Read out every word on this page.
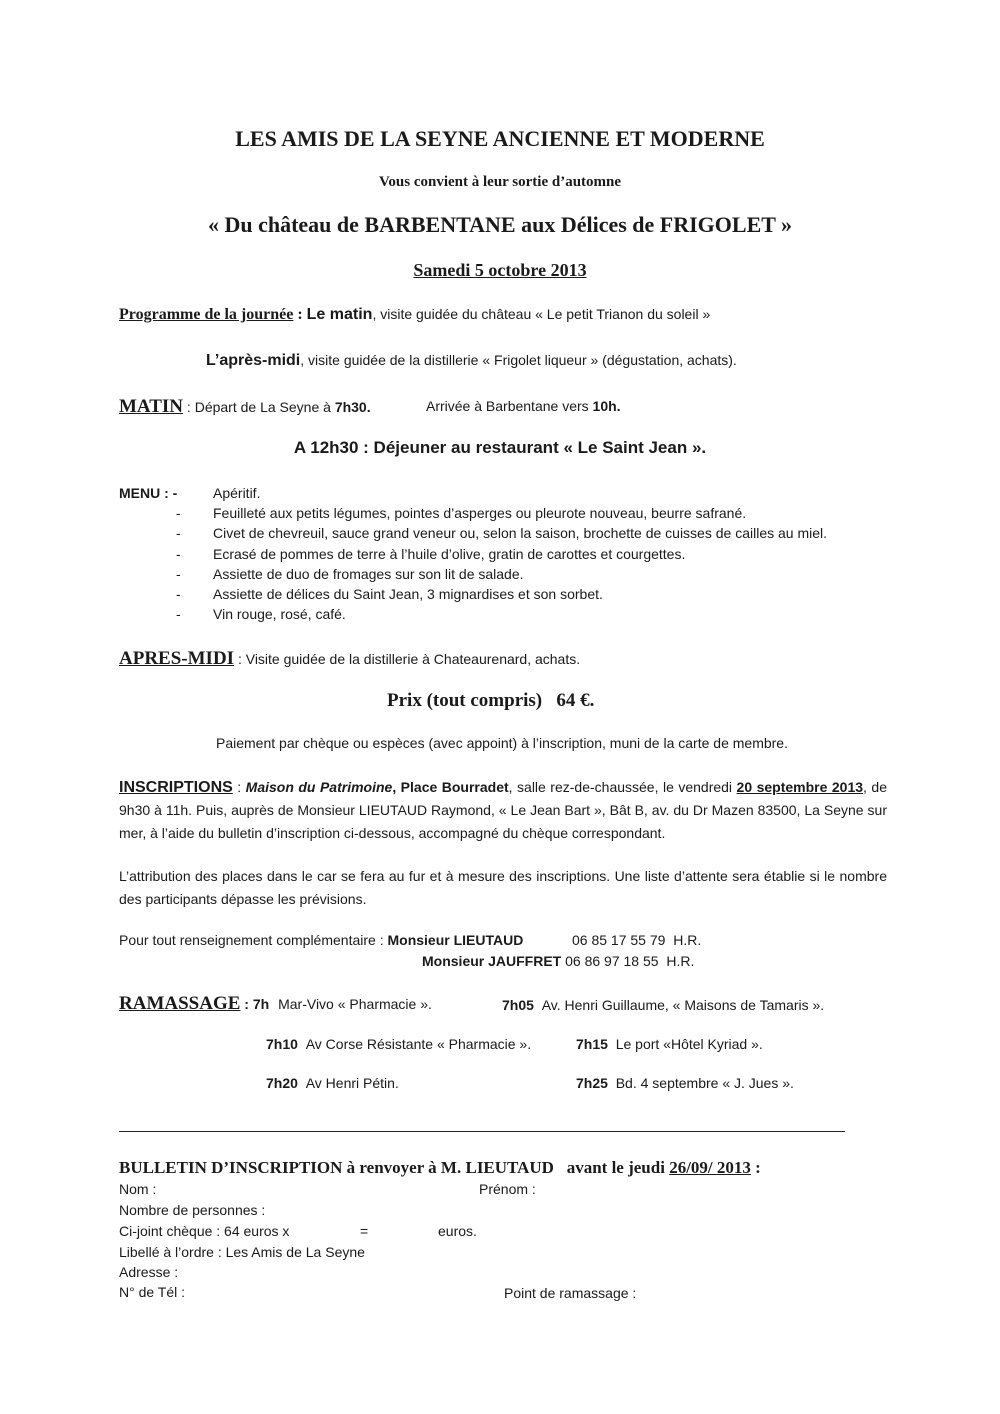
LES AMIS DE LA SEYNE ANCIENNE ET MODERNE
Vous convient à leur sortie d’automne
« Du château de BARBENTANE aux Délices de FRIGOLET »
Samedi 5 octobre 2013
Programme de la journée : Le matin, visite guidée du château « Le petit Trianon du soleil »
L’après-midi, visite guidée de la distillerie « Frigolet liqueur » (dégustation, achats).
MATIN : Départ de La Seyne à 7h30.	Arrivée à Barbentane vers 10h.
A 12h30 : Déjeuner au restaurant « Le Saint Jean ».
MENU : -	Apéritif.
- Feuilleté aux petits légumes, pointes d’asperges ou pleurote nouveau, beurre safrané.
- Civet de chevreuil, sauce grand veneur ou, selon la saison, brochette de cuisses de cailles au miel.
- Ecrasé de pommes de terre à l’huile d’olive, gratin de carottes et courgettes.
- Assiette de duo de fromages sur son lit de salade.
- Assiette de délices du Saint Jean, 3 mignardises et son sorbet.
- Vin rouge, rosé, café.
APRES-MIDI : Visite guidée de la distillerie à Chateaurenard, achats.
Prix (tout compris) 64 €.
Paiement par chèque ou espèces (avec appoint) à l’inscription, muni de la carte de membre.
INSCRIPTIONS : Maison du Patrimoine, Place Bourradet, salle rez-de-chaussée, le vendredi 20 septembre 2013, de 9h30 à 11h. Puis, auprès de Monsieur LIEUTAUD Raymond, « Le Jean Bart », Bât B, av. du Dr Mazen 83500, La Seyne sur mer, à l’aide du bulletin d’inscription ci-dessous, accompagné du chèque correspondant.
L’attribution des places dans le car se fera au fur et à mesure des inscriptions. Une liste d’attente sera établie si le nombre des participants dépasse les prévisions.
Pour tout renseignement complémentaire : Monsieur LIEUTAUD	06 85 17 55 79 H.R.
Monsieur JAUFFRET 06 86 97 18 55 H.R.
RAMASSAGE : 7h Mar-Vivo « Pharmacie ».	7h05 Av. Henri Guillaume, « Maisons de Tamaris ».
7h10 Av Corse Résistante « Pharmacie ».	7h15 Le port «Hôtel Kyriad ».
7h20 Av Henri Pétin.	7h25 Bd. 4 septembre « J. Jues ».
BULLETIN D’INSCRIPTION à renvoyer à M. LIEUTAUD avant le jeudi 26/09/ 2013 :
Nom :	Prénom :
Nombre de personnes :
Ci-joint chèque : 64 euros x	=	euros.
Libellé à l’ordre : Les Amis de La Seyne
Adresse :
N° de Tél :	Point de ramassage :
